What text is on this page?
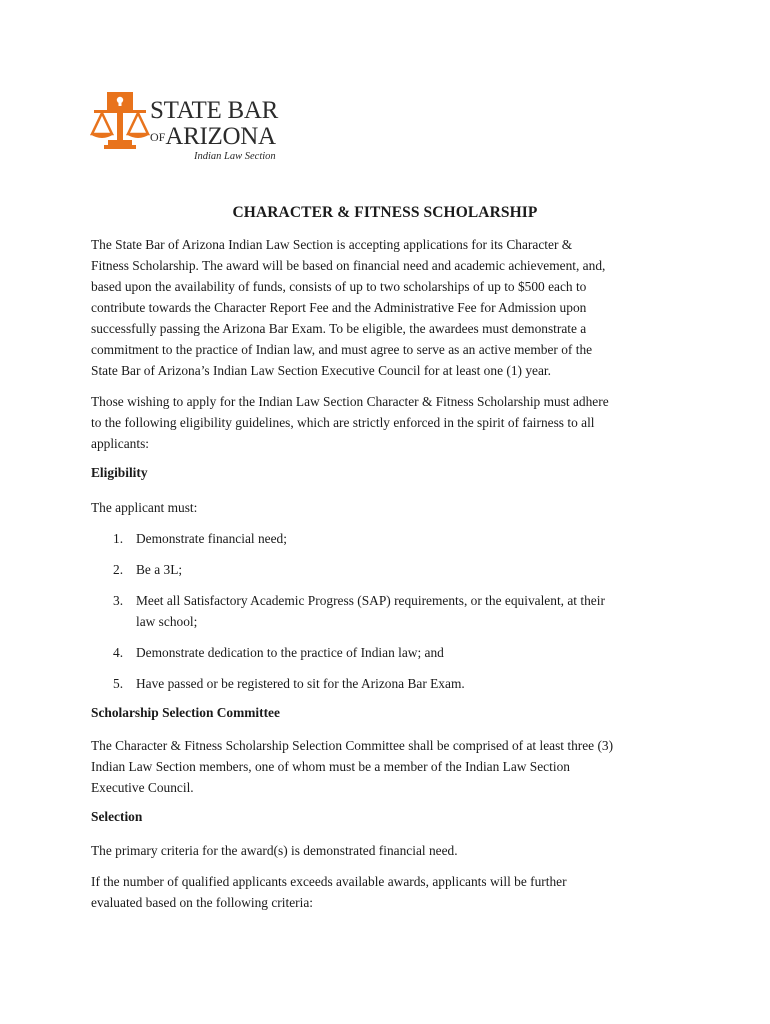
STATE BAR
OFARIZONA
Indian Law Section
CHARACTER & FITNESS SCHOLARSHIP
The State Bar of Arizona Indian Law Section is accepting applications for its Character &
Fitness Scholarship. The award will be based on financial need and academic achievement, and,
based upon the availability of funds, consists of up to two scholarships of up to $500 each to
contribute towards the Character Report Fee and the Administrative Fee for Admission upon
successfully passing the Arizona Bar Exam. To be eligible, the awardees must demonstrate a
commitment to the practice of Indian law, and must agree to serve as an active member of the
State Bar of Arizona’s Indian Law Section Executive Council for at least one (1) year.
Those wishing to apply for the Indian Law Section Character & Fitness Scholarship must adhere
to the following eligibility guidelines, which are strictly enforced in the spirit of fairness to all
applicants:
Eligibility
The applicant must:
1. Demonstrate financial need;
2. Be a 3L;
3. Meet all Satisfactory Academic Progress (SAP) requirements, or the equivalent, at their
law school;
4. Demonstrate dedication to the practice of Indian law; and
5. Have passed or be registered to sit for the Arizona Bar Exam.
Scholarship Selection Committee
The Character & Fitness Scholarship Selection Committee shall be comprised of at least three (3)
Indian Law Section members, one of whom must be a member of the Indian Law Section
Executive Council.
Selection
The primary criteria for the award(s) is demonstrated financial need.
If the number of qualified applicants exceeds available awards, applicants will be further
evaluated based on the following criteria:
